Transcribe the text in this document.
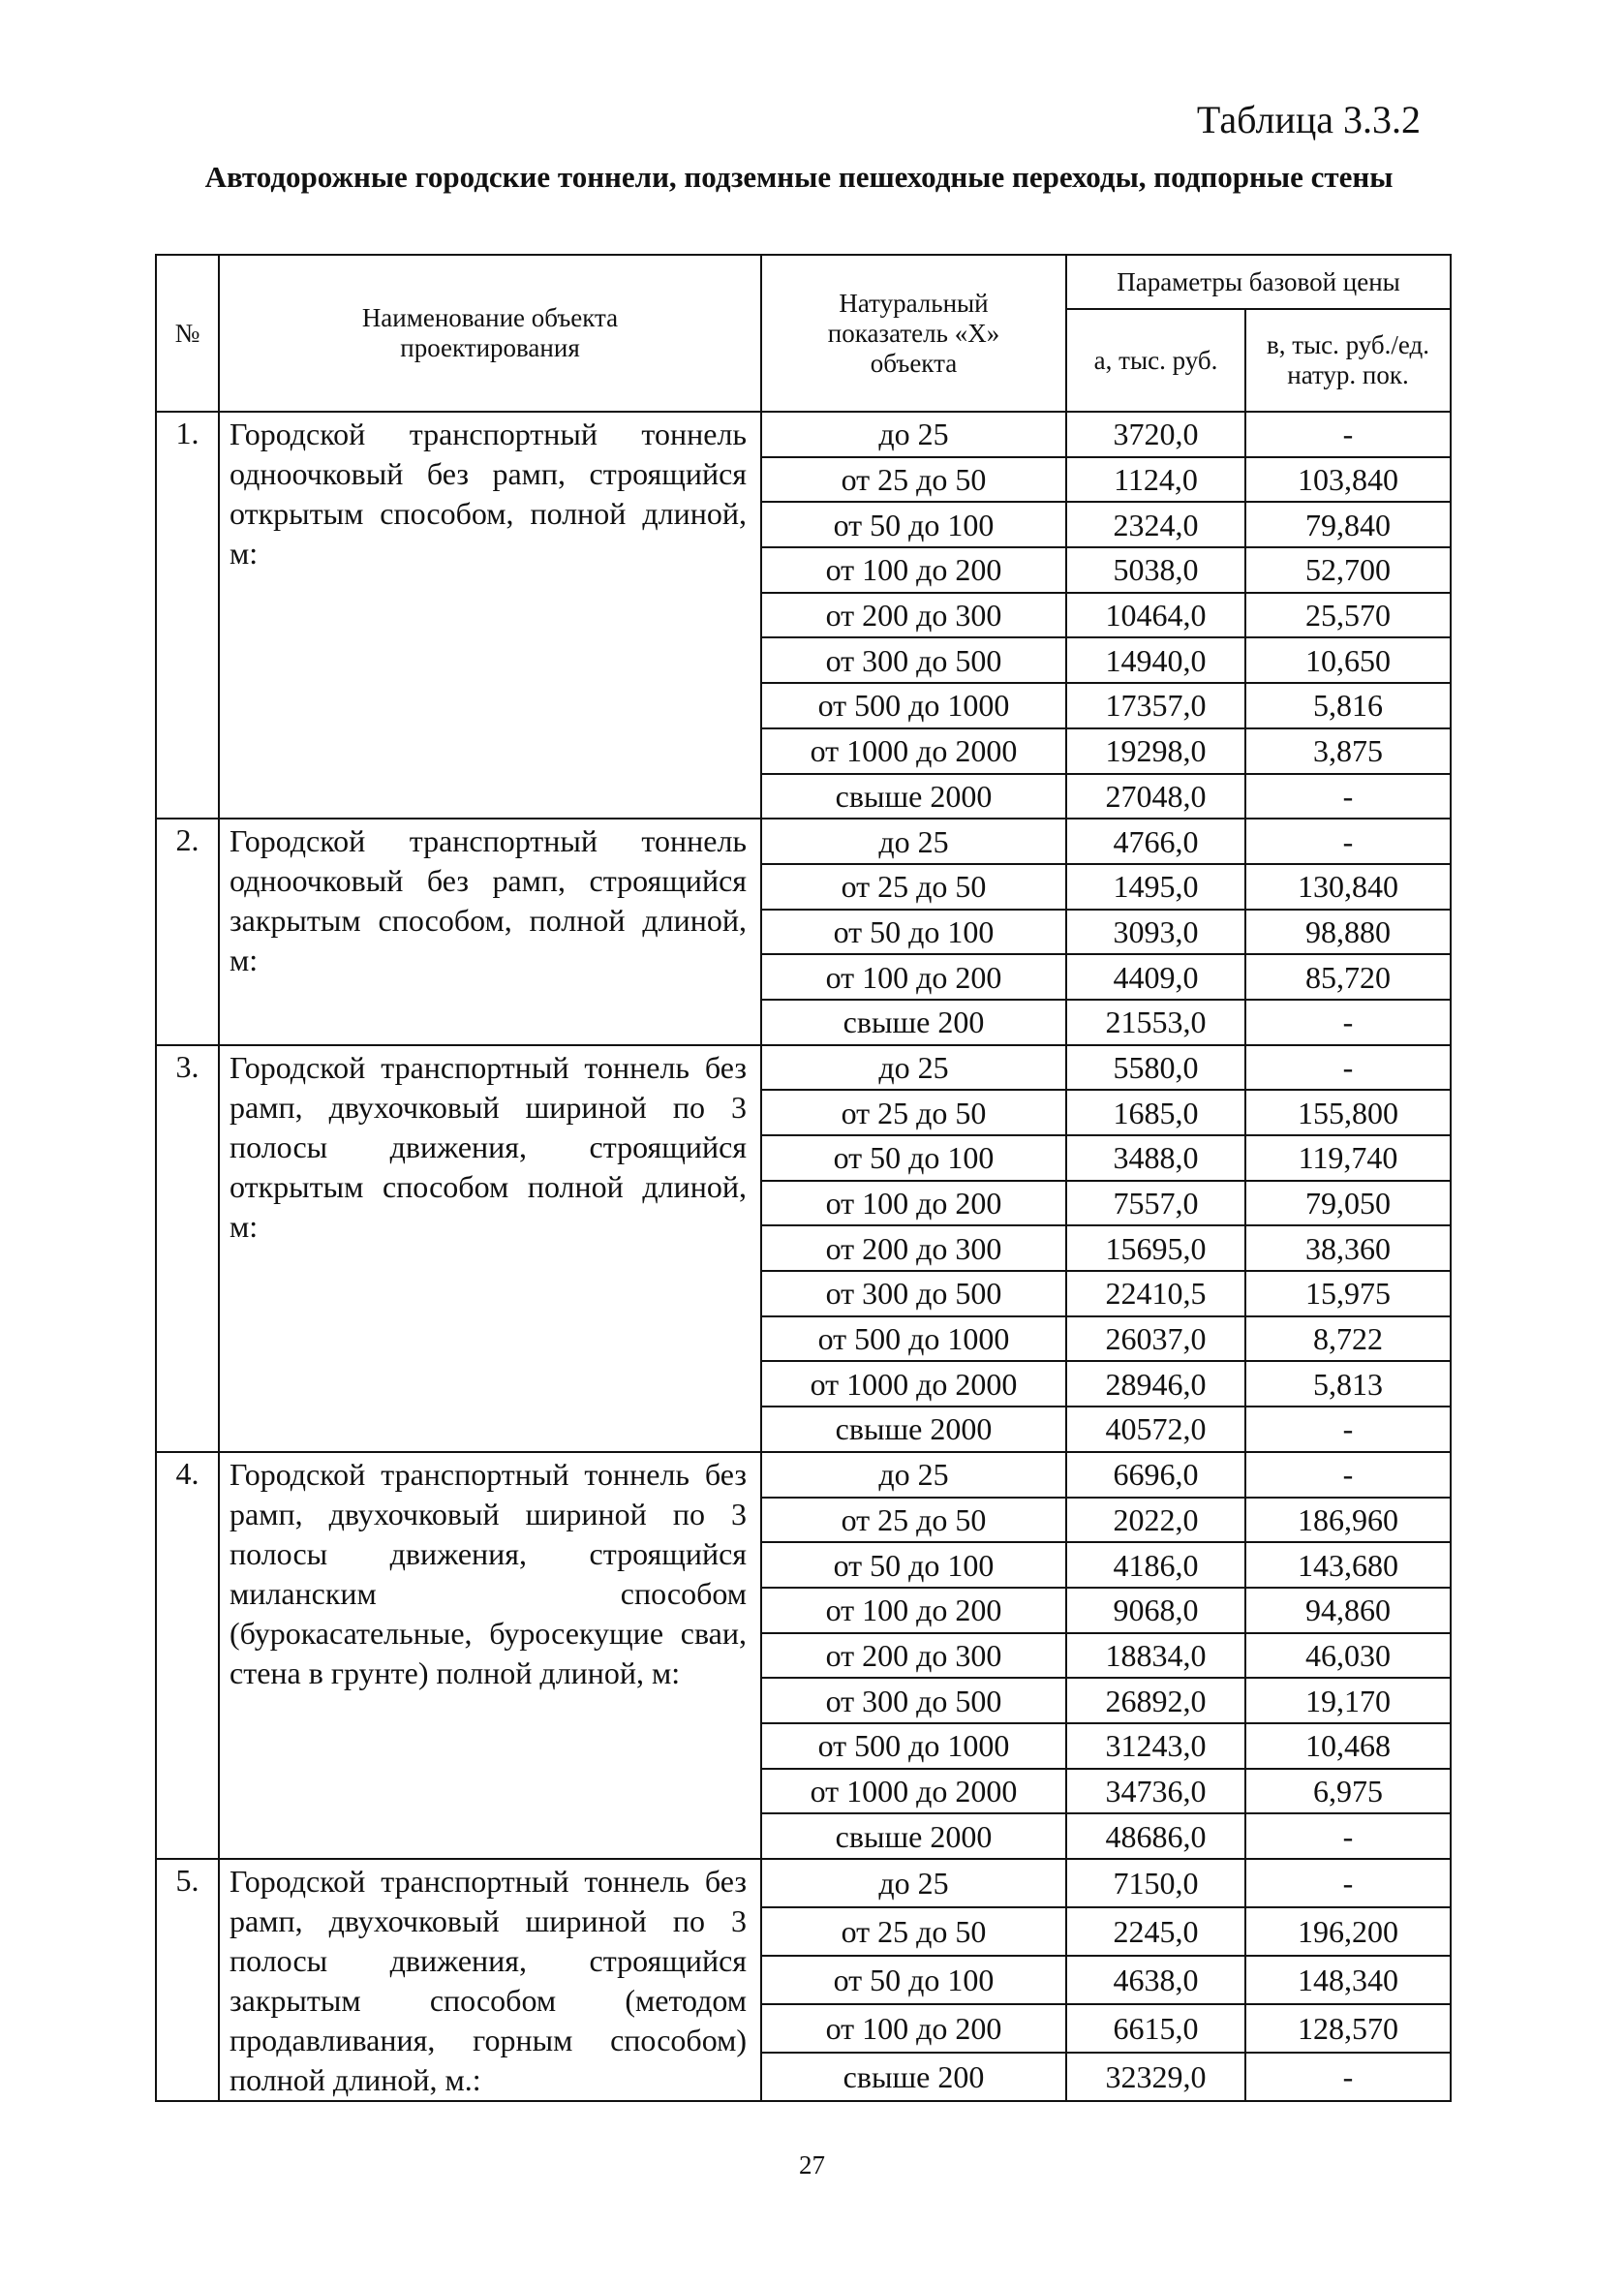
Таблица 3.3.2
Автодорожные городские тоннели, подземные пешеходные переходы, подпорные стены
№	Наименование объекта проектирования	Натуральный показатель «Х» объекта	Параметры базовой цены	
			а, тыс. руб.	в, тыс. руб./ед. натур. пок.
1.	Городской транспортный тоннель одноочковый без рамп, строящийся открытым способом, полной длиной, м:	до 25	3720,0	-
		от 25 до 50	1124,0	103,840
		от 50 до 100	2324,0	79,840
		от 100 до 200	5038,0	52,700
		от 200 до 300	10464,0	25,570
		от 300 до 500	14940,0	10,650
		от 500 до 1000	17357,0	5,816
		от 1000 до 2000	19298,0	3,875
		свыше 2000	27048,0	-
2.	Городской транспортный тоннель одноочковый без рамп, строящийся закрытым способом, полной длиной, м:	до 25	4766,0	-
		от 25 до 50	1495,0	130,840
		от 50 до 100	3093,0	98,880
		от 100 до 200	4409,0	85,720
		свыше 200	21553,0	-
3.	Городской транспортный тоннель без рамп, двухочковый шириной по 3 полосы движения, строящийся открытым способом полной длиной, м:	до 25	5580,0	-
		от 25 до 50	1685,0	155,800
		от 50 до 100	3488,0	119,740
		от 100 до 200	7557,0	79,050
		от 200 до 300	15695,0	38,360
		от 300 до 500	22410,5	15,975
		от 500 до 1000	26037,0	8,722
		от 1000 до 2000	28946,0	5,813
		свыше 2000	40572,0	-
4.	Городской транспортный тоннель без рамп, двухочковый шириной по 3 полосы движения, строящийся миланским способом (бурокасательные, буросекущие сваи, стена в грунте) полной длиной, м:	до 25	6696,0	-
		от 25 до 50	2022,0	186,960
		от 50 до 100	4186,0	143,680
		от 100 до 200	9068,0	94,860
		от 200 до 300	18834,0	46,030
		от 300 до 500	26892,0	19,170
		от 500 до 1000	31243,0	10,468
		от 1000 до 2000	34736,0	6,975
		свыше 2000	48686,0	-
5.	Городской транспортный тоннель без рамп, двухочковый шириной по 3 полосы движения, строящийся закрытым способом (методом продавливания, горным способом) полной длиной, м.:	до 25	7150,0	-
		от 25 до 50	2245,0	196,200
		от 50 до 100	4638,0	148,340
		от 100 до 200	6615,0	128,570
		свыше 200	32329,0	-
27
